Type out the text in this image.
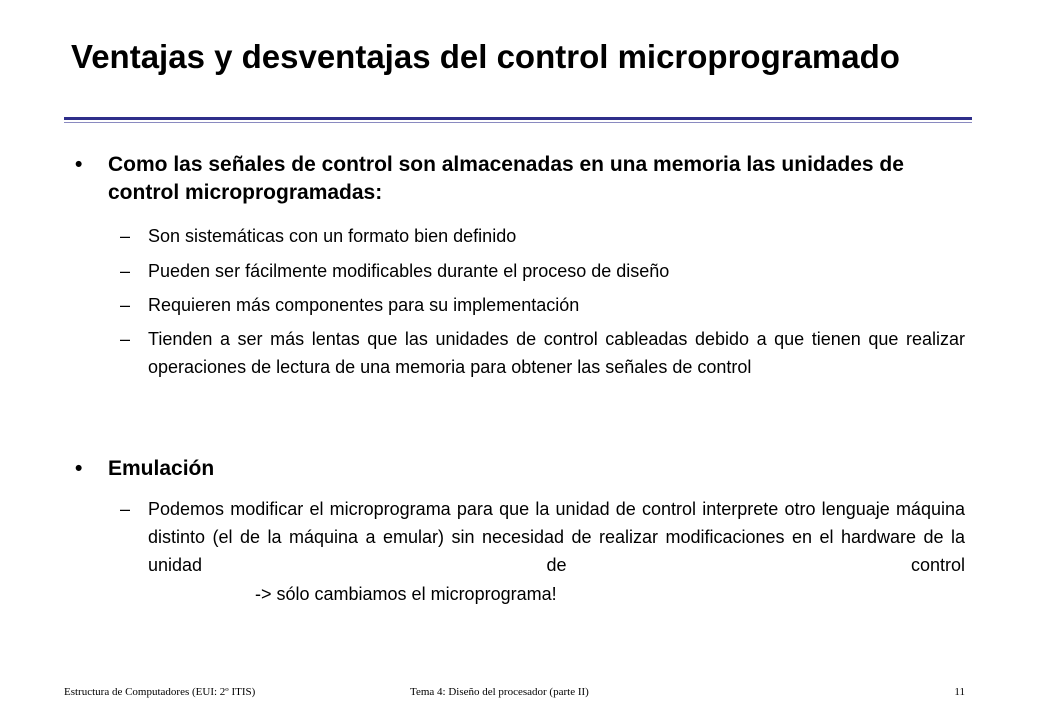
Ventajas y desventajas del control microprogramado
• Como las señales de control son almacenadas en una memoria las unidades de control microprogramadas:

– Son sistemáticas con un formato bien definido

– Pueden ser fácilmente modificables durante el proceso de diseño

– Requieren más componentes para su implementación

– Tienden a ser más lentas que las unidades de control cableadas debido a que tienen que realizar operaciones de lectura de una memoria para obtener las señales de control

• Emulación

– Podemos modificar el microprograma para que la unidad de control interprete otro lenguaje máquina distinto (el de la máquina a emular) sin necesidad de realizar modificaciones en el hardware de la unidad de control

-> sólo cambiamos el microprograma!
Estructura de Computadores (EUI: 2º ITIS)	Tema 4: Diseño del procesador (parte II)	11
